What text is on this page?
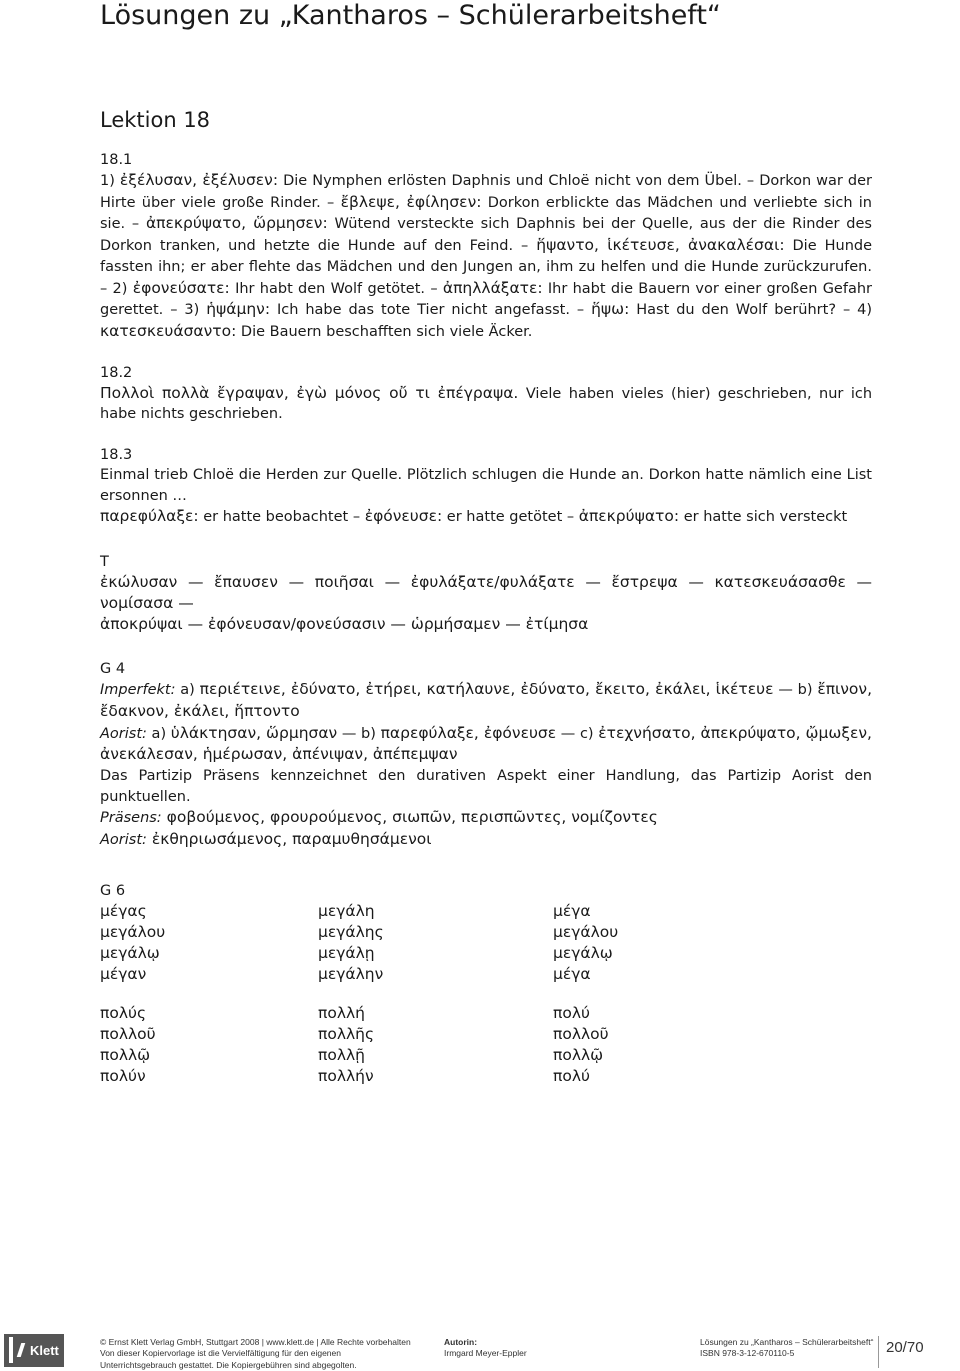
Lösungen zu „Kantharos – Schülerarbeitsheft“
Lektion 18

18.1

1) ἐξέλυσαν, ἐξέλυσεν: Die Nymphen erlösten Daphnis und Chloë nicht von dem Übel. – Dorkon war der Hirte über viele große Rinder. – ἔβλεψε, ἐφίλησεν: Dorkon erblickte das Mädchen und verliebte sich in sie. – ἀπεκρύψατο, ὥρμησεν: Wütend versteckte sich Daphnis bei der Quelle, aus der die Rinder des Dorkon tranken, und hetzte die Hunde auf den Feind. – ἥψαντο, ἱκέτευσε, ἀνακαλέσαι: Die Hunde fassten ihn; er aber flehte das Mädchen und den Jungen an, ihm zu helfen und die Hunde zurückzurufen. – 2) ἐφονεύσατε: Ihr habt den Wolf getötet. – ἀπηλλάξατε: Ihr habt die Bauern vor einer großen Gefahr gerettet. – 3) ἡψάμην: Ich habe das tote Tier nicht angefasst. – ἥψω: Hast du den Wolf berührt? – 4) κατεσκευάσαντο: Die Bauern beschafften sich viele Äcker.

18.2

Πολλοὶ πολλὰ ἔγραψαν, ἐγὼ μόνος οὔ τι ἐπέγραψα. Viele haben vieles (hier) geschrieben, nur ich habe nichts geschrieben.

18.3

Einmal trieb Chloë die Herden zur Quelle. Plötzlich schlugen die Hunde an. Dorkon hatte nämlich eine List ersonnen …

παρεφύλαξε: er hatte beobachtet – ἐφόνευσε: er hatte getötet – ἀπεκρύψατο: er hatte sich versteckt

T

ἐκώλυσαν — ἔπαυσεν — ποιῆσαι — ἐφυλάξατε/φυλάξατε — ἔστρεψα — κατεσκευάσασθε — νομίσασα —

ἀποκρύψαι — ἐφόνευσαν/φονεύσασιν — ὡρμήσαμεν — ἐτίμησα

G 4

Imperfekt: a) περιέτεινε, ἐδύνατο, ἐτήρει, κατήλαυνε, ἐδύνατο, ἔκειτο, ἐκάλει, ἱκέτευε — b) ἔπινον, ἔδακνον, ἐκάλει, ἥπτοντο

Aorist: a) ὑλάκτησαν, ὥρμησαν — b) παρεφύλαξε, ἐφόνευσε — c) ἐτεχνήσατο, ἀπεκρύψατο, ᾤμωξεν, ἀνεκάλεσαν, ἡμέρωσαν, ἀπένιψαν, ἀπέπεμψαν

Das Partizip Präsens kennzeichnet den durativen Aspekt einer Handlung, das Partizip Aorist den punktuellen.

Präsens: φοβούμενος, φρουρούμενος, σιωπῶν, περισπῶντες, νομίζοντες

Aorist: ἐκθηριωσάμενος, παραμυθησάμενοι

G 6

μέγας	μεγάλη	μέγα
μεγάλου	μεγάλης	μεγάλου
μεγάλῳ	μεγάλῃ	μεγάλῳ
μέγαν	μεγάλην	μέγα
πολύς	πολλή	πολύ
πολλοῦ	πολλῆς	πολλοῦ
πολλῷ	πολλῇ	πολλῷ
πολύν	πολλήν	πολύ
Klett
© Ernst Klett Verlag GmbH, Stuttgart 2008 | www.klett.de | Alle Rechte vorbehalten
Von dieser Kopiervorlage ist die Vervielfältigung für den eigenen
Unterrichtsgebrauch gestattet. Die Kopiergebühren sind abgegolten.
Autorin:
Irmgard Meyer-Eppler
Lösungen zu „Kantharos – Schülerarbeitsheft“
ISBN 978-3-12-670110-5	20/70
